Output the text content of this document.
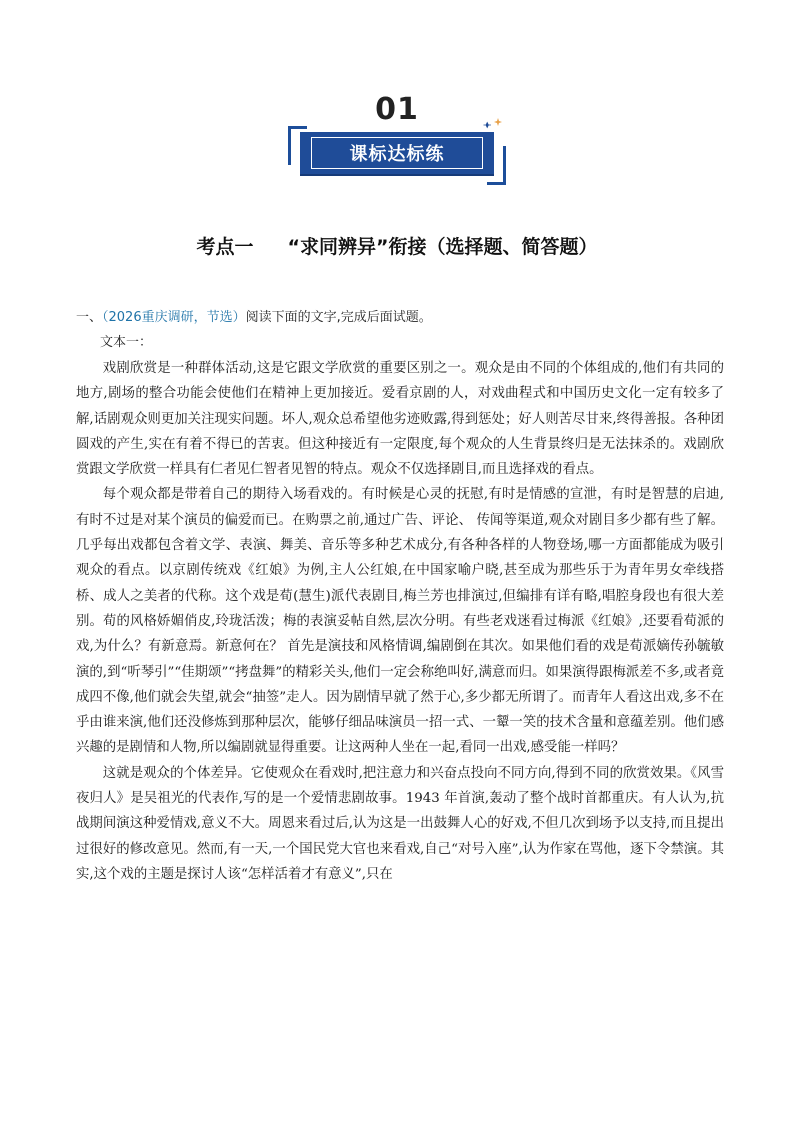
01
课标达标练
考点一 “求同辨异”衔接（选择题、简答题）
一、（2026重庆调研，节选）阅读下面的文字,完成后面试题。
文本一：

戏剧欣赏是一种群体活动,这是它跟文学欣赏的重要区别之一。观众是由不同的个体组成的,他们有共同的地方,剧场的整合功能会使他们在精神上更加接近。爱看京剧的人，对戏曲程式和中国历史文化一定有较多了解,话剧观众则更加关注现实问题。坏人,观众总希望他劣迹败露,得到惩处；好人则苦尽甘来,终得善报。各种团圆戏的产生,实在有着不得已的苦衷。但这种接近有一定限度,每个观众的人生背景终归是无法抹杀的。戏剧欣赏跟文学欣赏一样具有仁者见仁智者见智的特点。观众不仅选择剧目,而且选择戏的看点。

每个观众都是带着自己的期待入场看戏的。有时候是心灵的抚慰,有时是情感的宣泄，有时是智慧的启迪,有时不过是对某个演员的偏爱而已。在购票之前,通过广告、评论、 传闻等渠道,观众对剧目多少都有些了解。几乎每出戏都包含着文学、表演、舞美、音乐等多种艺术成分,有各种各样的人物登场,哪一方面都能成为吸引观众的看点。以京剧传统戏《红娘》为例,主人公红娘,在中国家喻户晓,甚至成为那些乐于为青年男女牵线搭桥、成人之美者的代称。这个戏是荀(慧生)派代表剧目,梅兰芳也排演过,但编排有详有略,唱腔身段也有很大差别。荀的风格娇媚俏皮,玲珑活泼；梅的表演妥帖自然,层次分明。有些老戏迷看过梅派《红娘》,还要看荀派的戏,为什么？有新意焉。新意何在？ 首先是演技和风格情调,编剧倒在其次。如果他们看的戏是荀派嫡传孙毓敏演的,到“听琴引”“佳期颂”“拷盘舞”的精彩关头,他们一定会称绝叫好,满意而归。如果演得跟梅派差不多,或者竟成四不像,他们就会失望,就会“抽签”走人。因为剧情早就了然于心,多少都无所谓了。而青年人看这出戏,多不在乎由谁来演,他们还没修炼到那种层次，能够仔细品味演员一招一式、一颦一笑的技术含量和意蕴差别。他们感兴趣的是剧情和人物,所以编剧就显得重要。让这两种人坐在一起,看同一出戏,感受能一样吗？

这就是观众的个体差异。它使观众在看戏时,把注意力和兴奋点投向不同方向,得到不同的欣赏效果。《风雪夜归人》是吴祖光的代表作,写的是一个爱情悲剧故事。1943 年首演,轰动了整个战时首都重庆。有人认为,抗战期间演这种爱情戏,意义不大。周恩来看过后,认为这是一出鼓舞人心的好戏,不但几次到场予以支持,而且提出过很好的修改意见。然而,有一天,一个国民党大官也来看戏,自己“对号入座”,认为作家在骂他，逐下令禁演。其实,这个戏的主题是探讨人该“怎样活着才有意义”,只在
